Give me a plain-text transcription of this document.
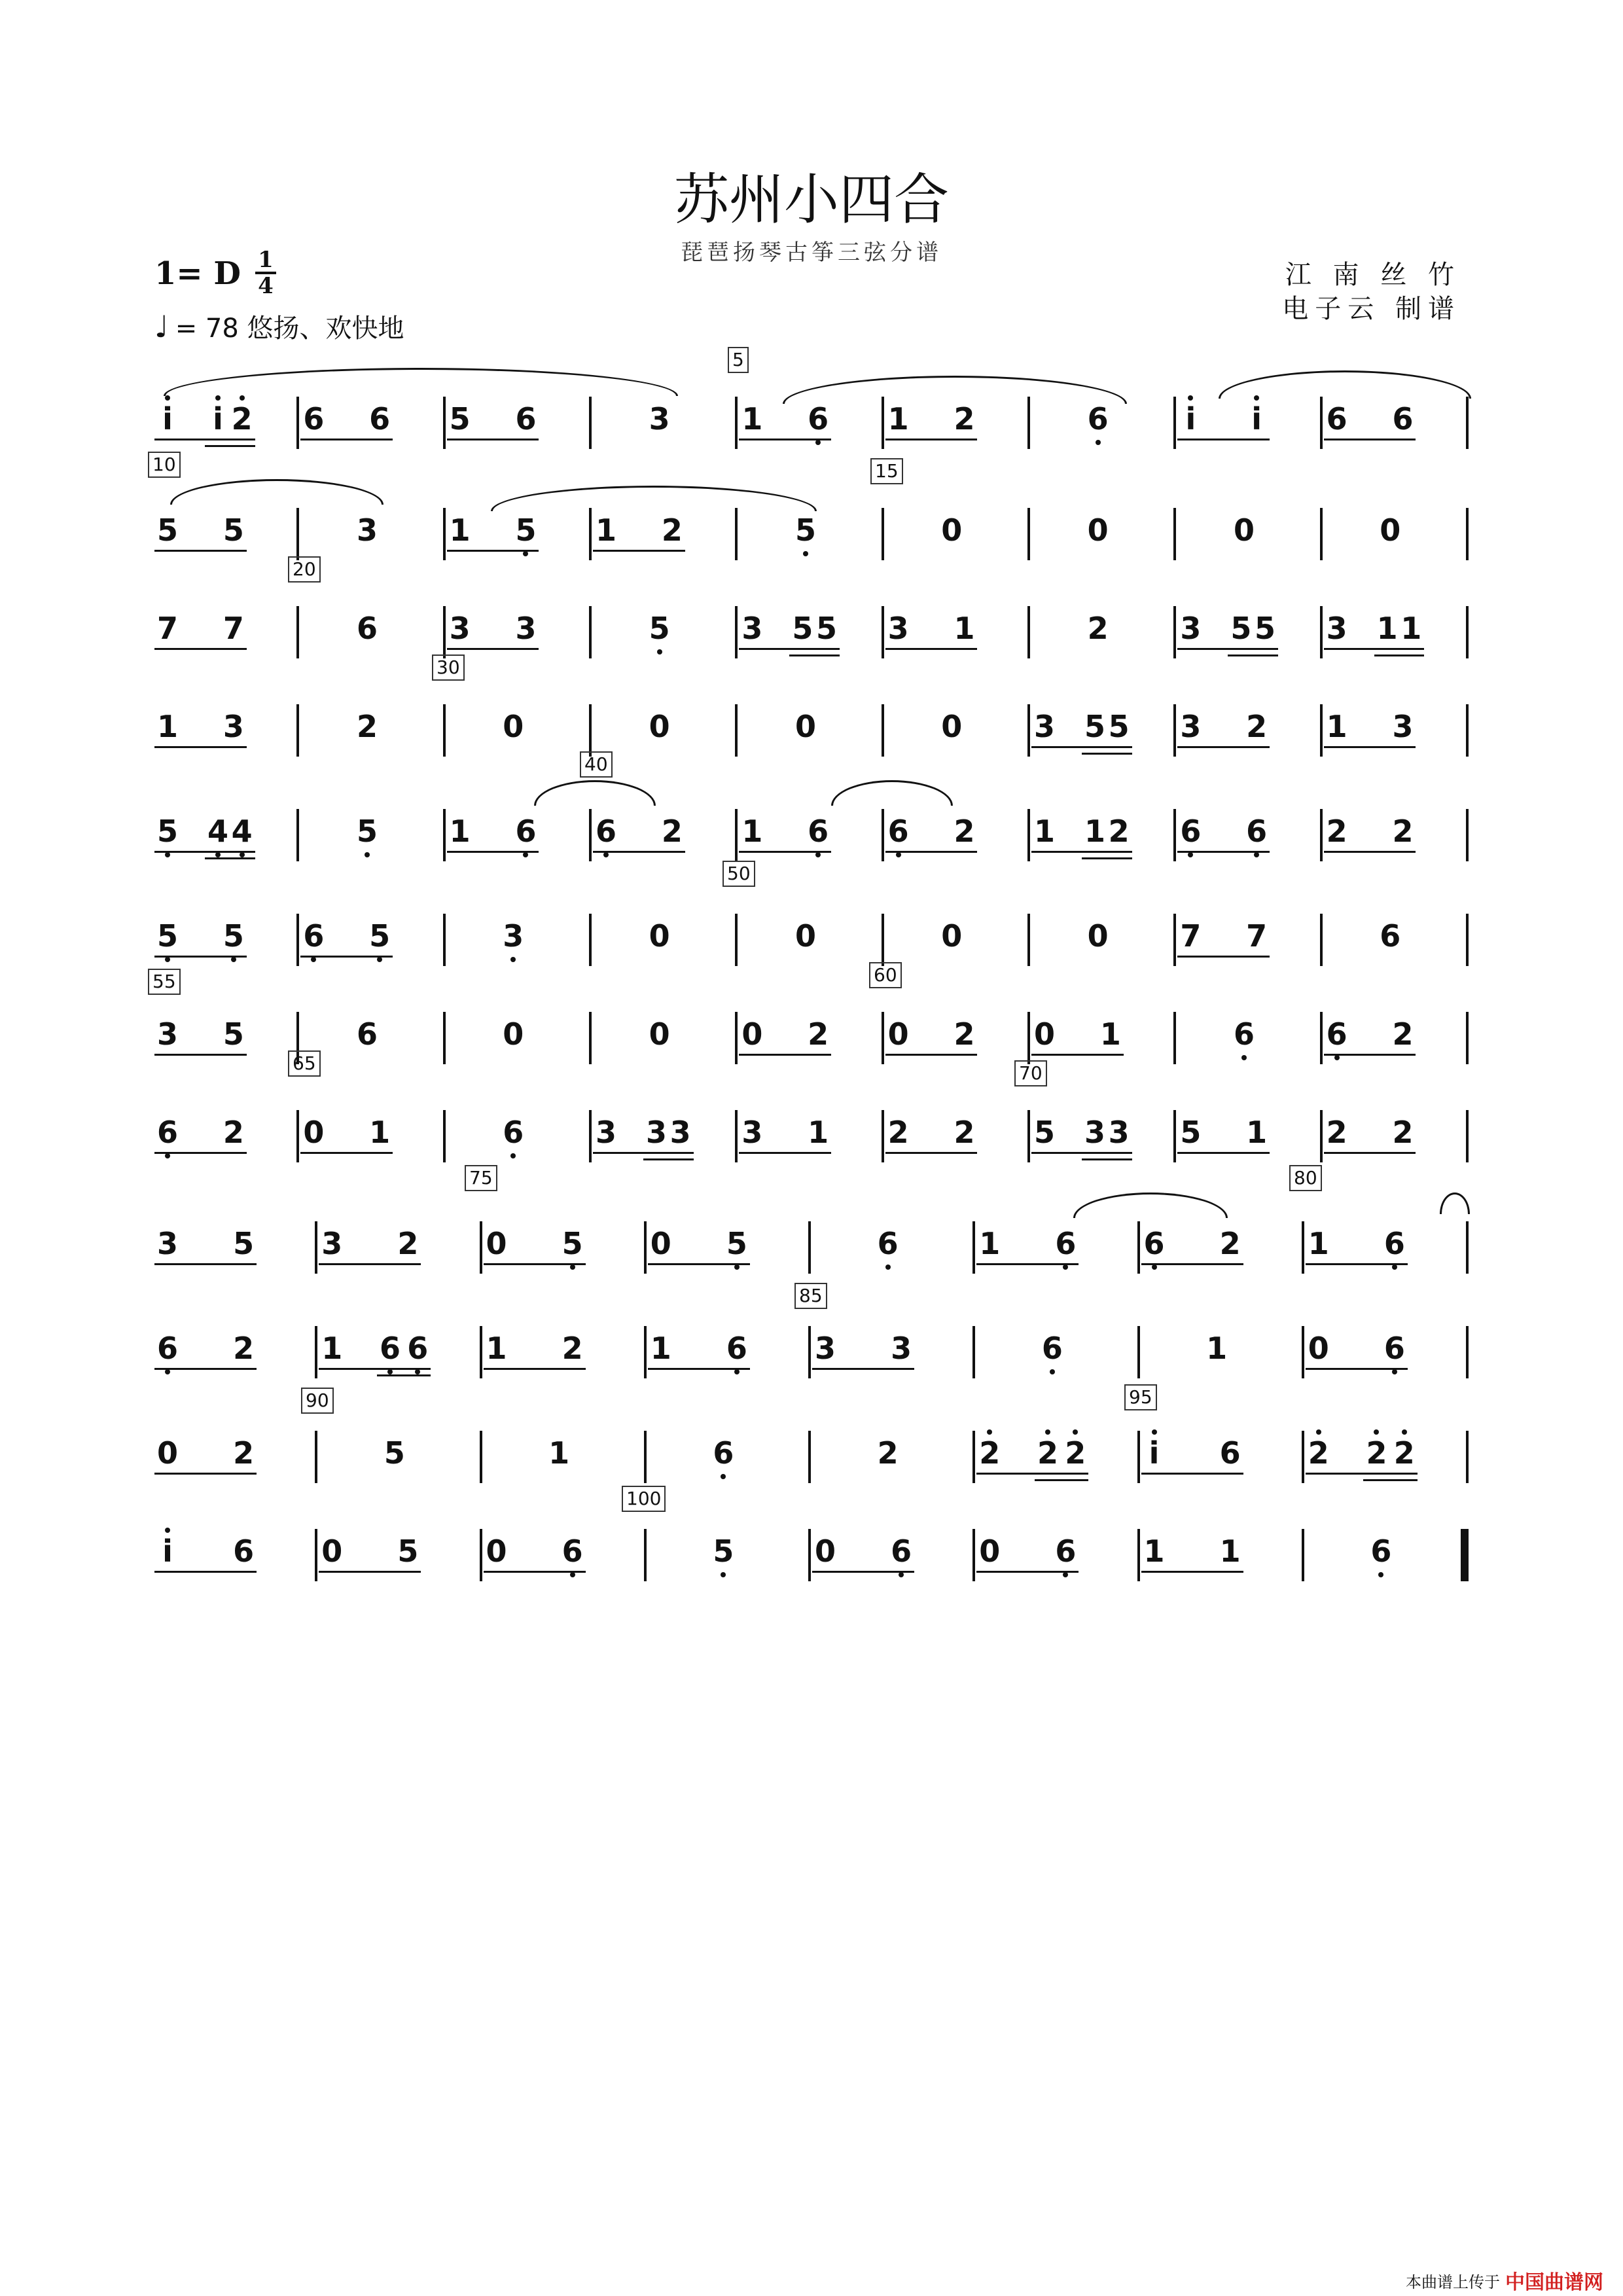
苏州小四合
琵琶扬琴古筝三弦分谱
1= D 1
4
♩ = 78 悠扬、欢快地
江 南 丝 竹
电子云 制谱
i i 2 6 6 5 6	3 1 6 1 2	6	i i 6 6
5 5	3 1 5 1 2	5	0	0	0	0
7 7	6 3 3	5 3 5 5 3 1	2 3 5 5 3 1 1
1 3	2	0	0	0	0 3 5 5 3 2 1 3
5 4 4	5 1 6 6 2 1 6 6 2 1 1 2 6 6 2 2
5 5 6 5	3	0	0	0	0 7 7	6
3 5	6	0	0 0 2 0 2 0 1	6 6 2
6 2 0 1	6 3 3 3 3 1 2 2 5 3 3 5 1 2 2
3 5 3 2 0 5 0 5	6	1 6 6 2 1 6
6 2 1 6 6 1 2 1 6 3 3	6	1	0 6
0 2	5	1	6	2	2 2 2 i 6 2 2 2
i 6 0 5 0 6	5	0 6 0 6 1 1	6
本曲谱上传于 中国曲谱网
5
10	15
20
30
40
50
55	60
65	70
75	80
85
90	95
100
